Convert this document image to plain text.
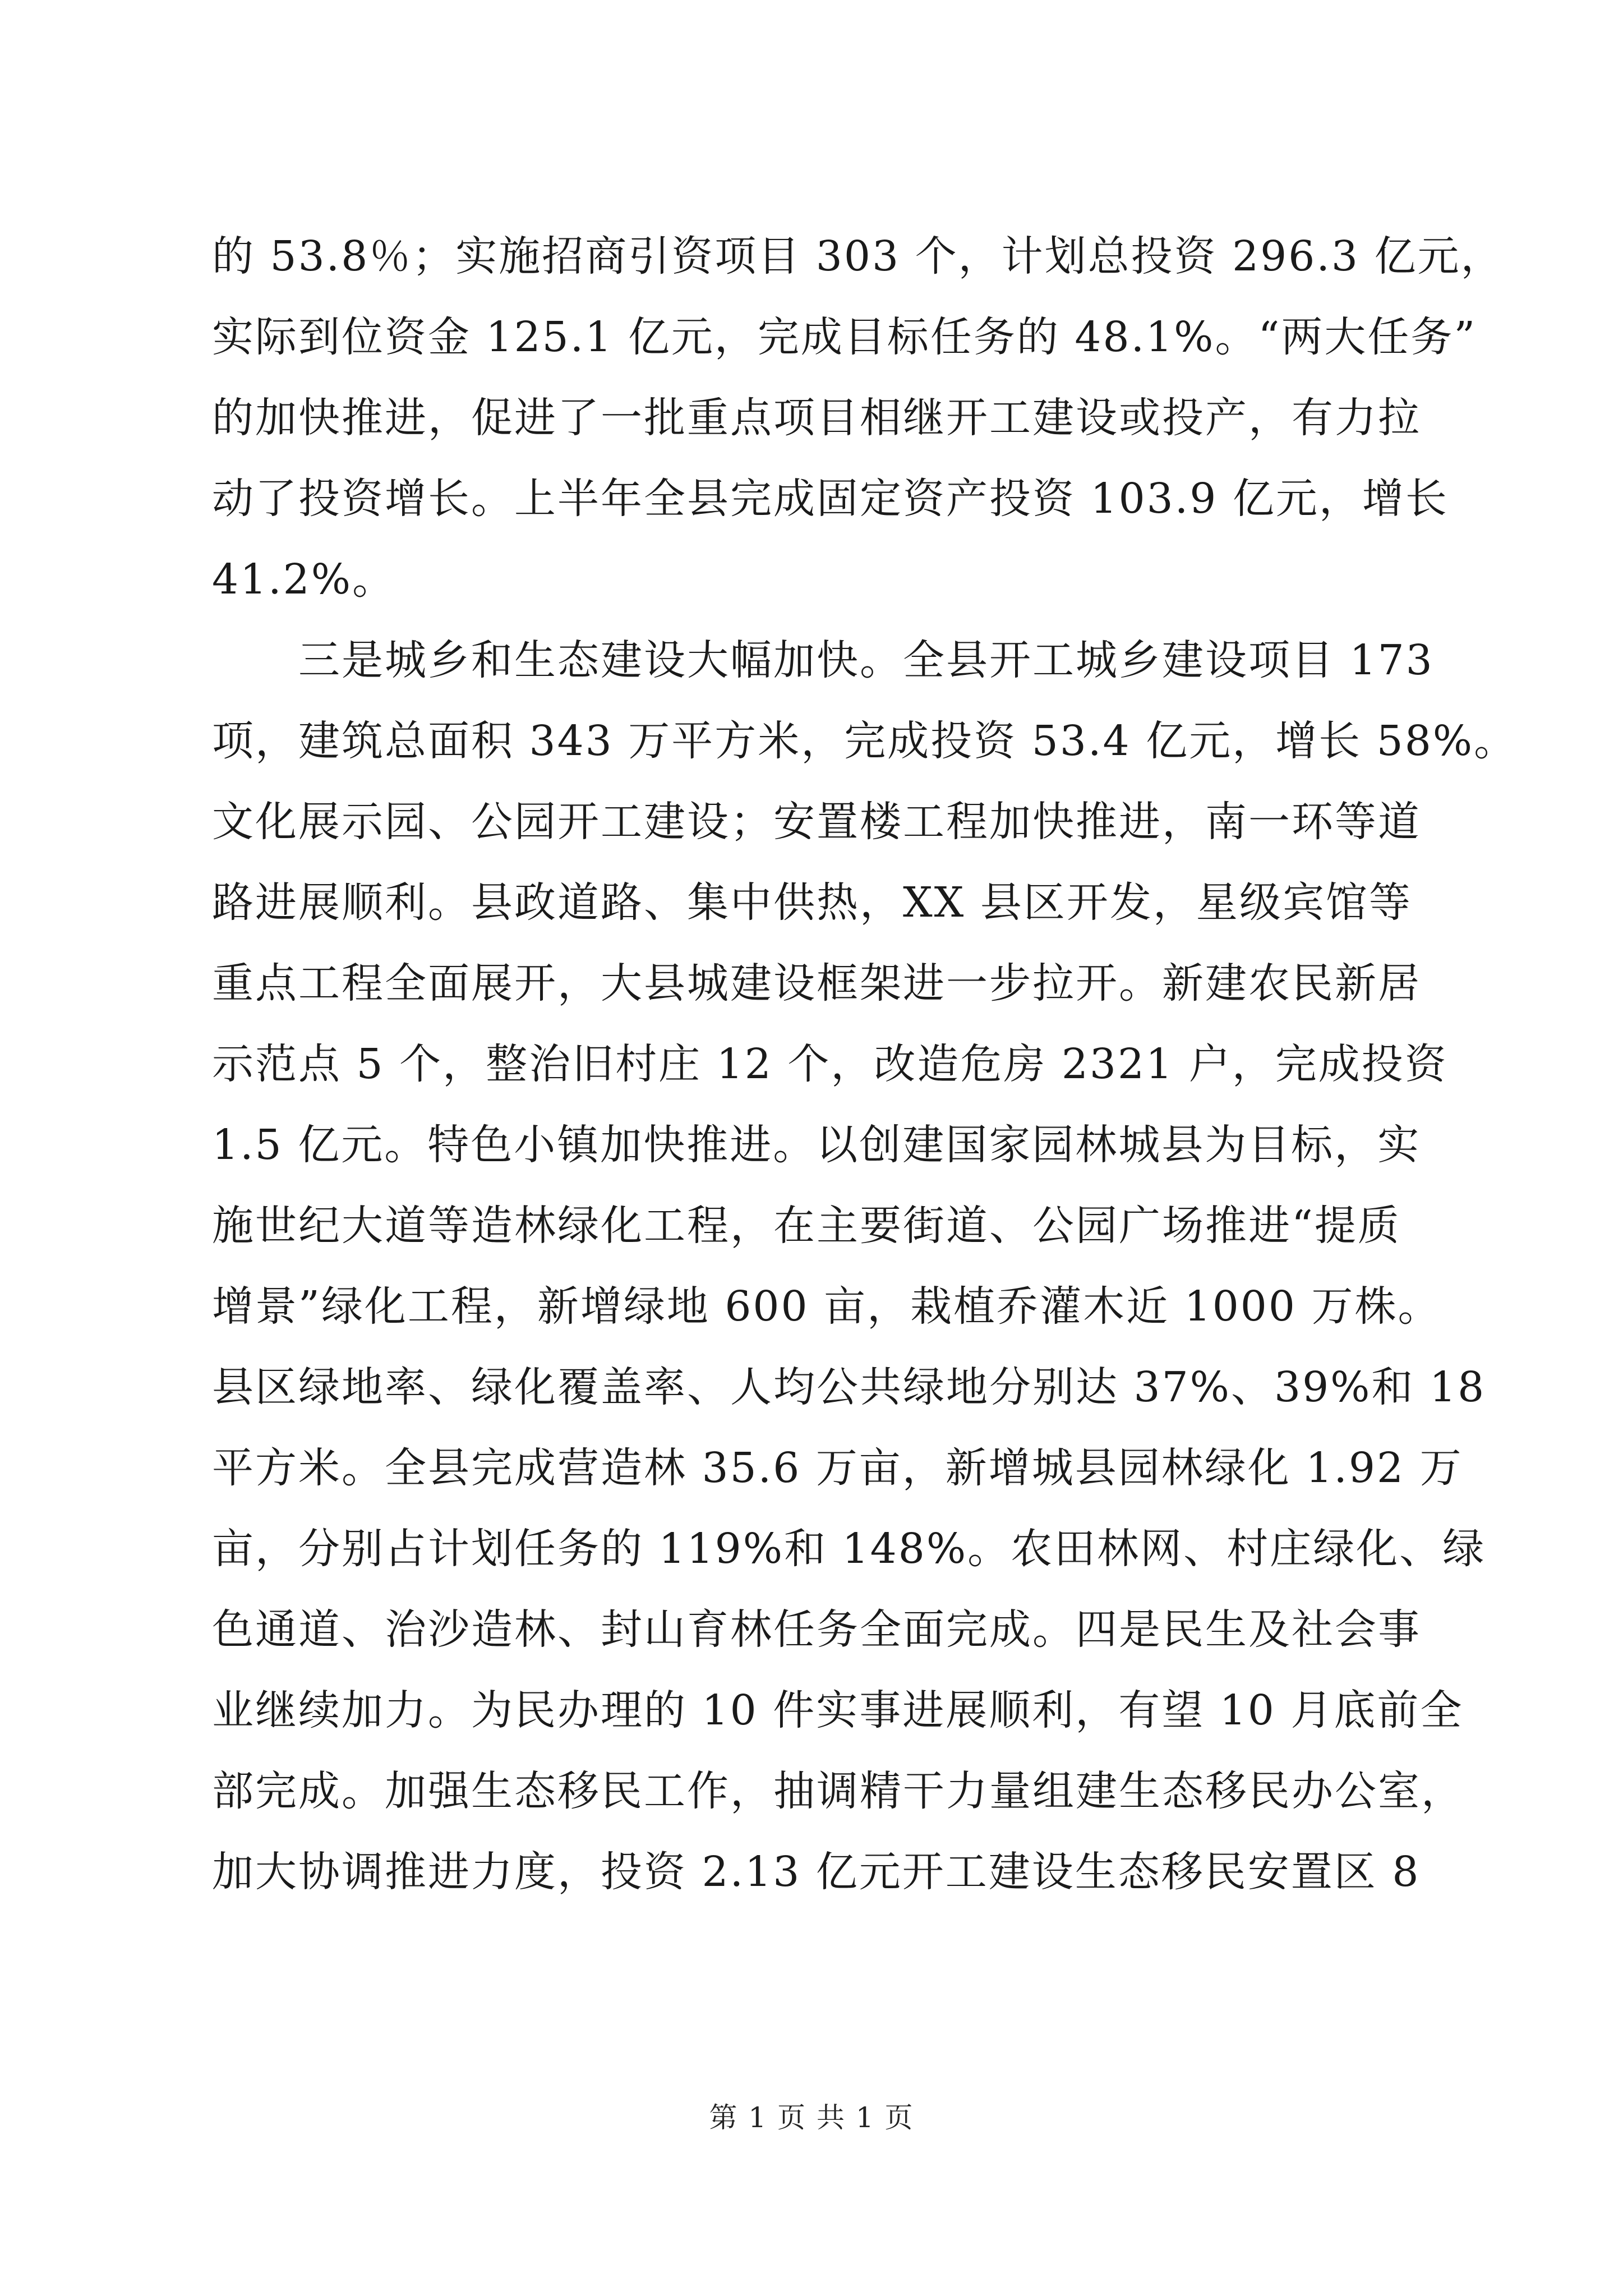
的 53.8％；实施招商引资项目 303 个，计划总投资 296.3 亿元，
实际到位资金 125.1 亿元，完成目标任务的 48.1%。“两大任务”
的加快推进，促进了一批重点项目相继开工建设或投产，有力拉
动了投资增长。上半年全县完成固定资产投资 103.9 亿元，增长
41.2%。
　　三是城乡和生态建设大幅加快。全县开工城乡建设项目 173
项，建筑总面积 343 万平方米，完成投资 53.4 亿元，增长 58%。
文化展示园、公园开工建设；安置楼工程加快推进，南一环等道
路进展顺利。县政道路、集中供热，XX 县区开发，星级宾馆等
重点工程全面展开，大县城建设框架进一步拉开。新建农民新居
示范点 5 个，整治旧村庄 12 个，改造危房 2321 户，完成投资
1.5 亿元。特色小镇加快推进。以创建国家园林城县为目标，实
施世纪大道等造林绿化工程，在主要街道、公园广场推进“提质
增景”绿化工程，新增绿地 600 亩，栽植乔灌木近 1000 万株。
县区绿地率、绿化覆盖率、人均公共绿地分别达 37%、39%和 18
平方米。全县完成营造林 35.6 万亩，新增城县园林绿化 1.92 万
亩，分别占计划任务的 119%和 148%。农田林网、村庄绿化、绿
色通道、治沙造林、封山育林任务全面完成。四是民生及社会事
业继续加力。为民办理的 10 件实事进展顺利，有望 10 月底前全
部完成。加强生态移民工作，抽调精干力量组建生态移民办公室，
加大协调推进力度，投资 2.13 亿元开工建设生态移民安置区 8
第 1 页 共 1 页
